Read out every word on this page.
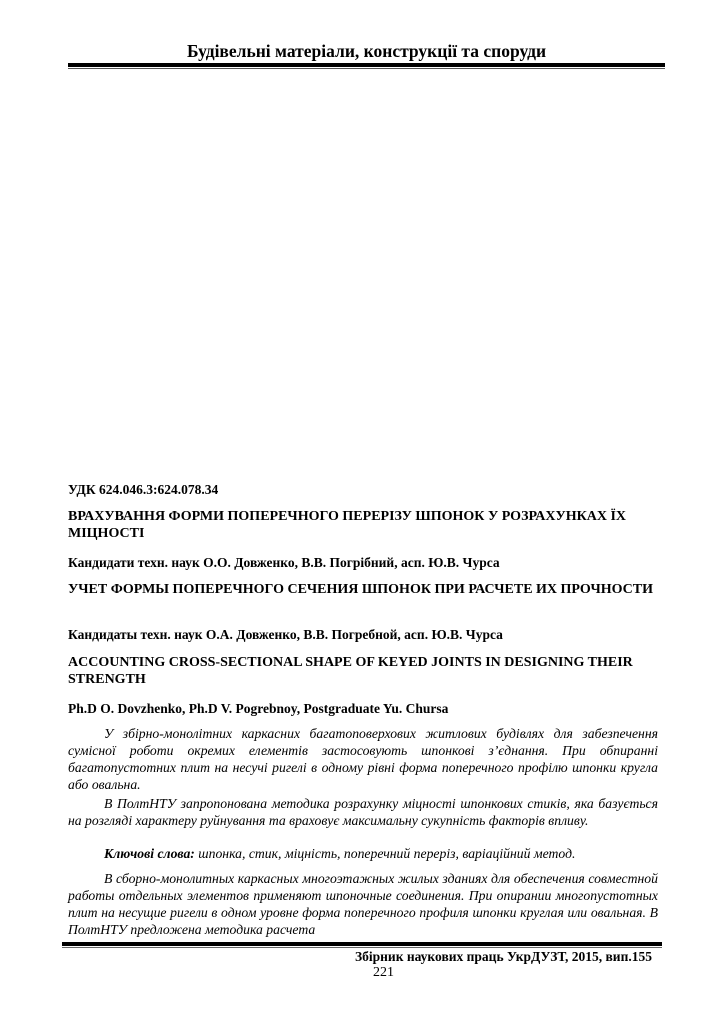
Будівельні матеріали, конструкції та споруди
УДК 624.046.3:624.078.34
ВРАХУВАННЯ ФОРМИ ПОПЕРЕЧНОГО ПЕРЕРІЗУ ШПОНОК У РОЗРАХУНКАХ ЇХ МІЦНОСТІ
Кандидати техн. наук О.О. Довженко, В.В. Погрібний, асп. Ю.В. Чурса
УЧЕТ ФОРМЫ ПОПЕРЕЧНОГО СЕЧЕНИЯ ШПОНОК ПРИ РАСЧЕТЕ ИХ ПРОЧНОСТИ
Кандидаты техн. наук О.А. Довженко, В.В. Погребной, асп. Ю.В. Чурса
ACCOUNTING CROSS-SECTIONAL SHAPE OF KEYED JOINTS IN DESIGNING THEIR STRENGTH
Ph.D O. Dovzhenko, Ph.D V. Pogrebnoy, Postgraduate Yu. Chursa

У збірно-монолітних каркасних багатоповерхових житлових будівлях для забезпечення сумісної роботи окремих елементів застосовують шпонкові з’єднання. При обпиранні багатопустотних плит на несучі ригелі в одному рівні форма поперечного профілю шпонки кругла або овальна.

В ПолтНТУ запропонована методика розрахунку міцності шпонкових стиків, яка базується на розгляді характеру руйнування та враховує максимальну сукупність факторів впливу.

Ключові слова: шпонка, стик, міцність, поперечний переріз, варіаційний метод.

В сборно-монолитных каркасных многоэтажных жилых зданиях для обеспечения совместной работы отдельных элементов применяют шпоночные соединения. При опирании многопустотных плит на несущие ригели в одном уровне форма поперечного профиля шпонки круглая или овальная. В ПолтНТУ предложена методика расчета

Збірник наукових праць УкрДУЗТ, 2015, вип.155
221
